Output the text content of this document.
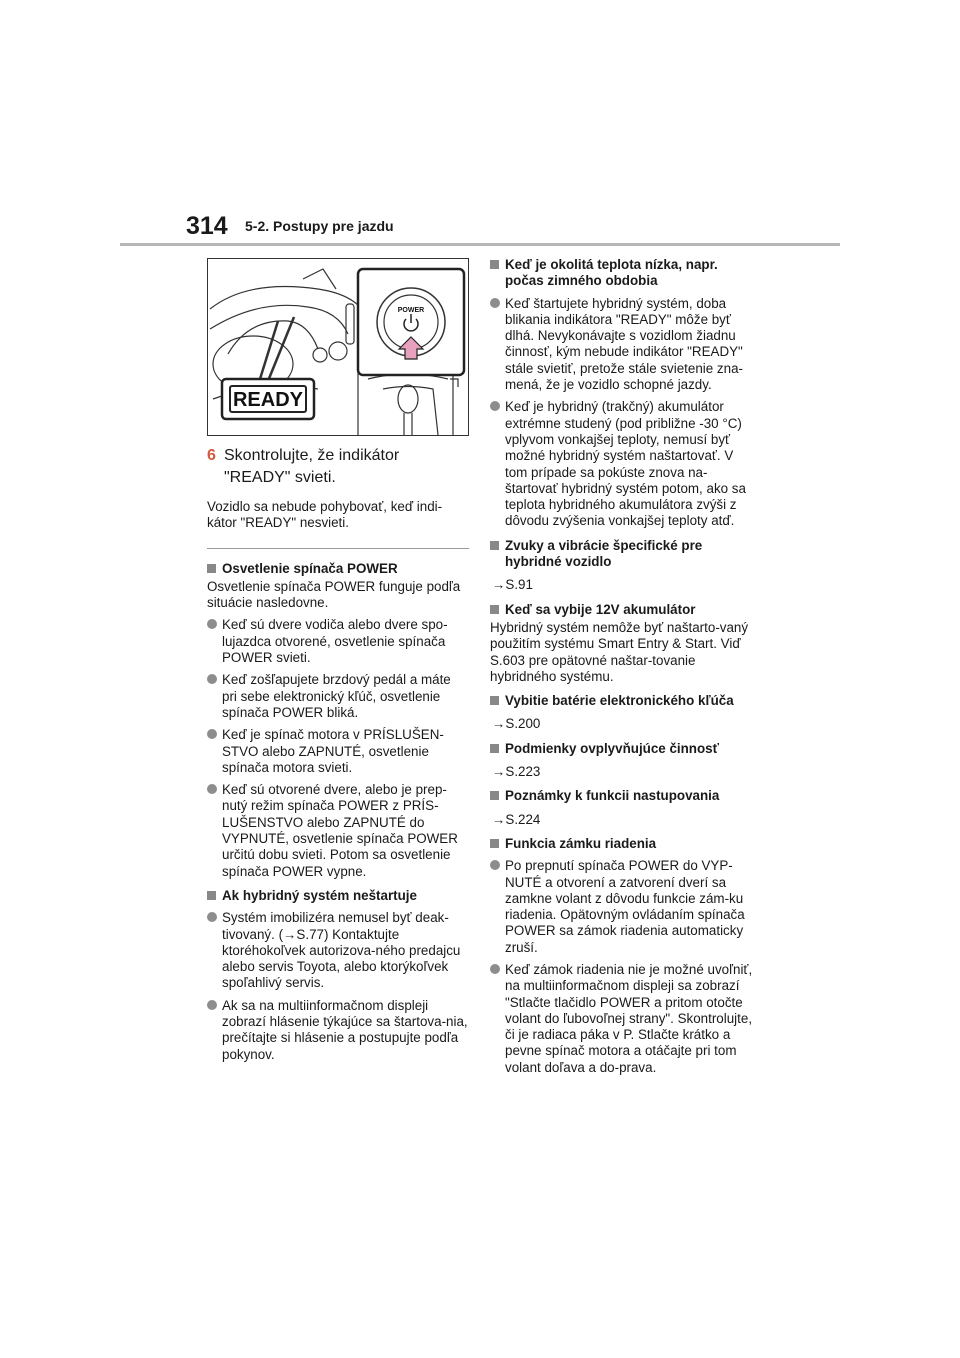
314 5-2. Postupy pre jazdu
READY
POWER
6 Skontrolujte, že indikátor "READY" svieti.

Vozidlo sa nebude pohybovať, keď indi-kátor "READY" nesvieti.

Osvetlenie spínača POWER
Osvetlenie spínača POWER funguje podľa situácie nasledovne.
Keď sú dvere vodiča alebo dvere spo-lujazdca otvorené, osvetlenie spínača POWER svieti.
Keď zošľapujete brzdový pedál a máte pri sebe elektronický kľúč, osvetlenie spínača POWER bliká.
Keď je spínač motora v PRÍSLUŠEN-STVO alebo ZAPNUTÉ, osvetlenie spínača motora svieti.
Keď sú otvorené dvere, alebo je prep-nutý režim spínača POWER z PRÍS-LUŠENSTVO alebo ZAPNUTÉ do VYPNUTÉ, osvetlenie spínača POWER určitú dobu svieti. Potom sa osvetlenie spínača POWER vypne.
Ak hybridný systém neštartuje
Systém imobilizéra nemusel byť deak-tivovaný. (→S.77) Kontaktujte ktoréhokoľvek autorizova-ného predajcu alebo servis Toyota, alebo ktorýkoľvek spoľahlivý servis.
Ak sa na multiinformačnom displeji zobrazí hlásenie týkajúce sa štartova-nia, prečítajte si hlásenie a postupujte podľa pokynov.
Keď je okolitá teplota nízka, napr. počas zimného obdobia
Keď štartujete hybridný systém, doba blikania indikátora "READY" môže byť dlhá. Nevykonávajte s vozidlom žiadnu činnosť, kým nebude indikátor "READY" stále svietiť, pretože stále svietenie zna-mená, že je vozidlo schopné jazdy.
Keď je hybridný (trakčný) akumulátor extrémne studený (pod približne -30 °C) vplyvom vonkajšej teploty, nemusí byť možné hybridný systém naštartovať. V tom prípade sa pokúste znova na-štartovať hybridný systém potom, ako sa teplota hybridného akumulátora zvýši z dôvodu zvýšenia vonkajšej teploty atď.
Zvuky a vibrácie špecifické pre hybridné vozidlo
→S.91
Keď sa vybije 12V akumulátor
Hybridný systém nemôže byť naštarto-vaný použitím systému Smart Entry & Start. Viď S.603 pre opätovné naštar-tovanie hybridného systému.
Vybitie batérie elektronického kľúča
→S.200
Podmienky ovplyvňujúce činnosť
→S.223
Poznámky k funkcii nastupovania
→S.224
Funkcia zámku riadenia
Po prepnutí spínača POWER do VYP-NUTÉ a otvorení a zatvorení dverí sa zamkne volant z dôvodu funkcie zám-ku riadenia. Opätovným ovládaním spínača POWER sa zámok riadenia automaticky zruší.
Keď zámok riadenia nie je možné uvoľniť, na multiinformačnom displeji sa zobrazí "Stlačte tlačidlo POWER a pritom otočte volant do ľubovoľnej strany". Skontrolujte, či je radiaca páka v P. Stlačte krátko a pevne spínač motora a otáčajte pri tom volant doľava a do-prava.
